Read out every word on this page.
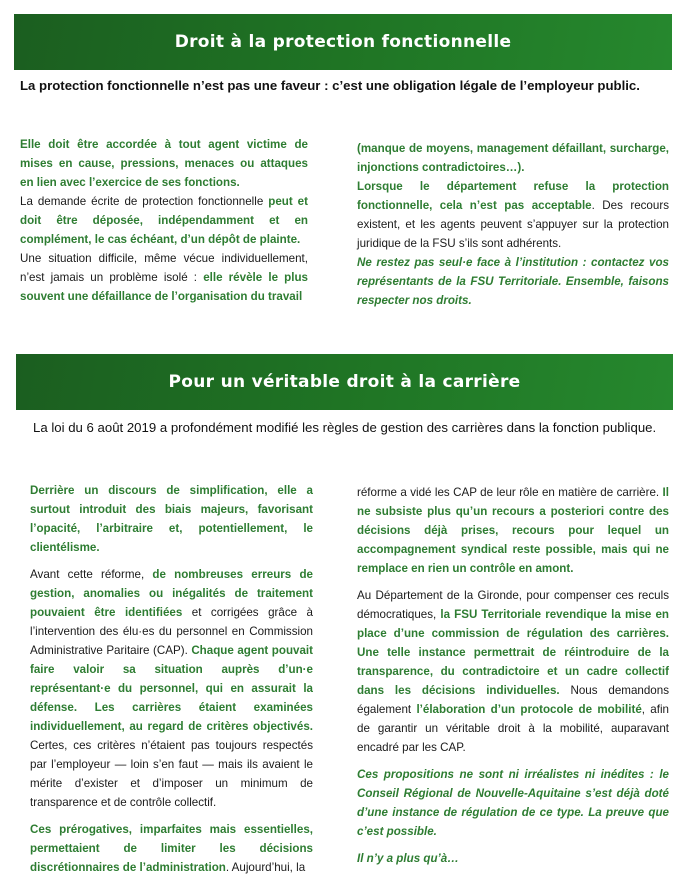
Droit à la protection fonctionnelle
La protection fonctionnelle n’est pas une faveur : c’est une obligation légale de l’employeur public.

Elle doit être accordée à tout agent victime de mises en cause, pressions, menaces ou attaques en lien avec l’exercice de ses fonctions.

La demande écrite de protection fonctionnelle peut et doit être déposée, indépendamment et en complément, le cas échéant, d’un dépôt de plainte.

Une situation difficile, même vécue individuellement, n’est jamais un problème isolé : elle révèle le plus souvent une défaillance de l’organisation du travail

(manque de moyens, management défaillant, surcharge, injonctions contradictoires…).

Lorsque le département refuse la protection fonctionnelle, cela n’est pas acceptable. Des recours existent, et les agents peuvent s’appuyer sur la protection juridique de la FSU s’ils sont adhérents.

Ne restez pas seul·e face à l’institution : contactez vos représentants de la FSU Territoriale. Ensemble, faisons respecter nos droits.

Pour un véritable droit à la carrière
La loi du 6 août 2019 a profondément modifié les règles de gestion des carrières dans la fonction publique.

Derrière un discours de simplification, elle a surtout introduit des biais majeurs, favorisant l’opacité, l’arbitraire et, potentiellement, le clientélisme.

Avant cette réforme, de nombreuses erreurs de gestion, anomalies ou inégalités de traitement pouvaient être identifiées et corrigées grâce à l’intervention des élu·es du personnel en Commission Administrative Paritaire (CAP). Chaque agent pouvait faire valoir sa situation auprès d’un·e représentant·e du personnel, qui en assurait la défense. Les carrières étaient examinées individuellement, au regard de critères objectivés. Certes, ces critères n’étaient pas toujours respectés par l’employeur — loin s’en faut — mais ils avaient le mérite d’exister et d’imposer un minimum de transparence et de contrôle collectif.

Ces prérogatives, imparfaites mais essentielles, permettaient de limiter les décisions discrétionnaires de l’administration. Aujourd’hui, la

réforme a vidé les CAP de leur rôle en matière de carrière. Il ne subsiste plus qu’un recours a posteriori contre des décisions déjà prises, recours pour lequel un accompagnement syndical reste possible, mais qui ne remplace en rien un contrôle en amont.

Au Département de la Gironde, pour compenser ces reculs démocratiques, la FSU Territoriale revendique la mise en place d’une commission de régulation des carrières. Une telle instance permettrait de réintroduire de la transparence, du contradictoire et un cadre collectif dans les décisions individuelles. Nous demandons également l’élaboration d’un protocole de mobilité, afin de garantir un véritable droit à la mobilité, auparavant encadré par les CAP.

Ces propositions ne sont ni irréalistes ni inédites : le Conseil Régional de Nouvelle-Aquitaine s’est déjà doté d’une instance de régulation de ce type. La preuve que c’est possible.

Il n’y a plus qu’à…
